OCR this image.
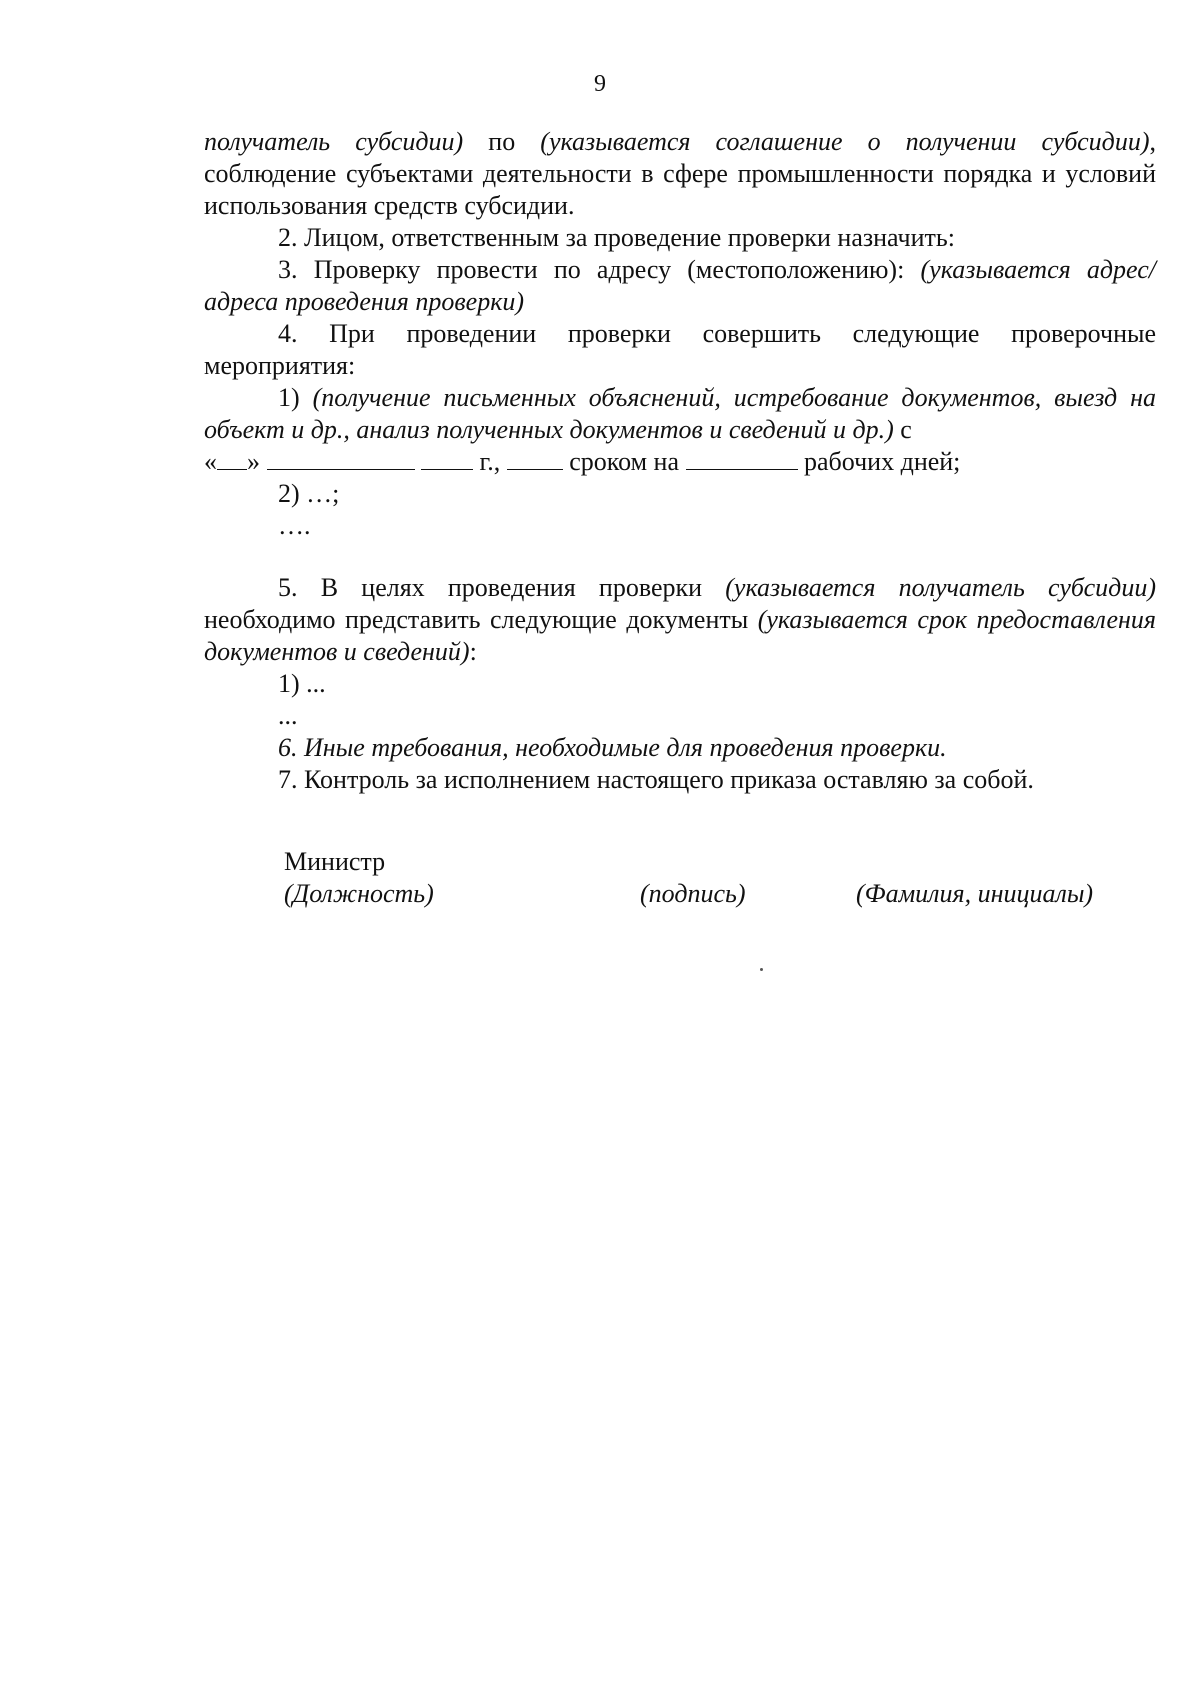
9

получатель субсидии) по (указывается соглашение о получении субсидии), соблюдение субъектами деятельности в сфере промышленности порядка и условий использования средств субсидии.

2. Лицом, ответственным за проведение проверки назначить:

3. Проверку провести по адресу (местоположению): (указывается адрес/адреса проведения проверки)

4. При проведении проверки совершить следующие проверочные мероприятия:

1) (получение письменных объяснений, истребование документов, выезд на объект и др., анализ полученных документов и сведений и др.) с
« »	г.,  сроком на	рабочих дней;

2) …;

….

5. В целях проведения проверки (указывается получатель субсидии) необходимо представить следующие документы (указывается срок предоставления документов и сведений):

1) ...

...

6. Иные требования, необходимые для проведения проверки.

7. Контроль за исполнением настоящего приказа оставляю за собой.

Министр
(Должность)	(подпись)	(Фамилия, инициалы)
